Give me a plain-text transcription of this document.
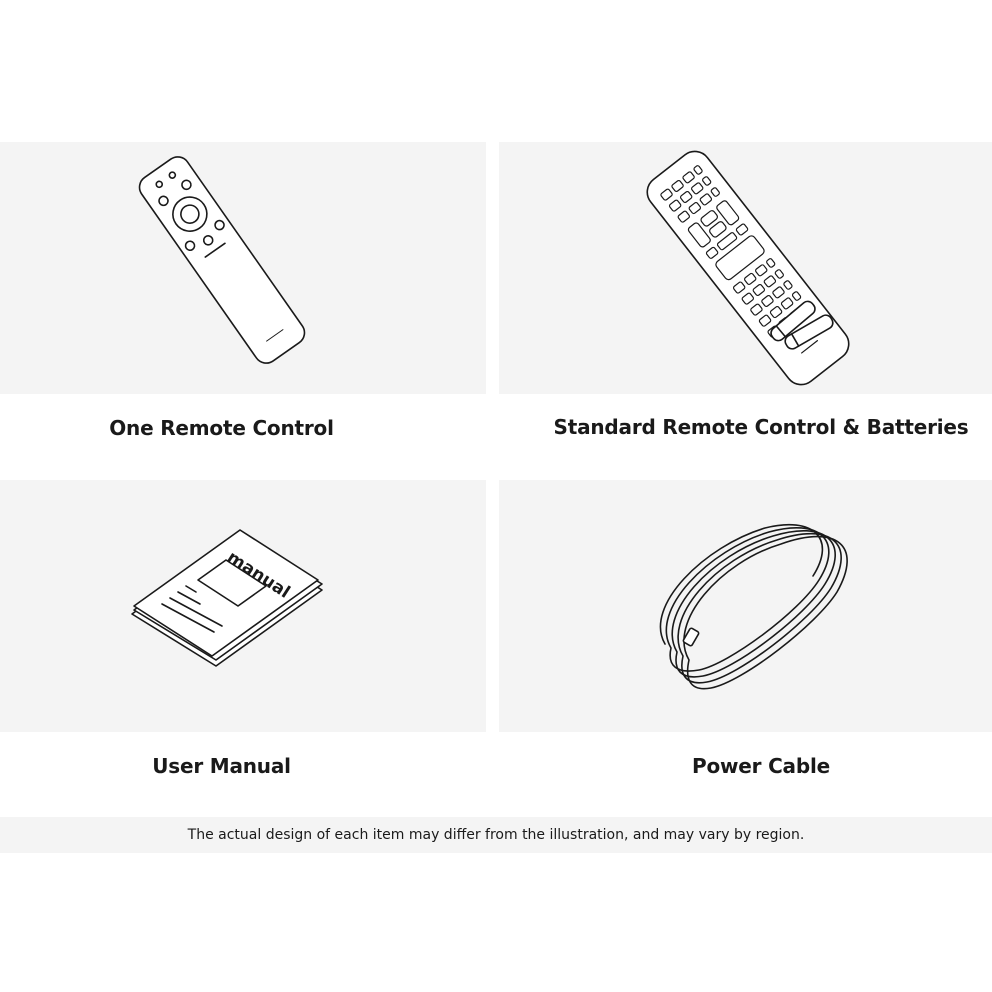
One Remote Control	Standard Remote Control & Batteries
manual
User Manual	Power Cable
The actual design of each item may differ from the illustration, and may vary by region.
